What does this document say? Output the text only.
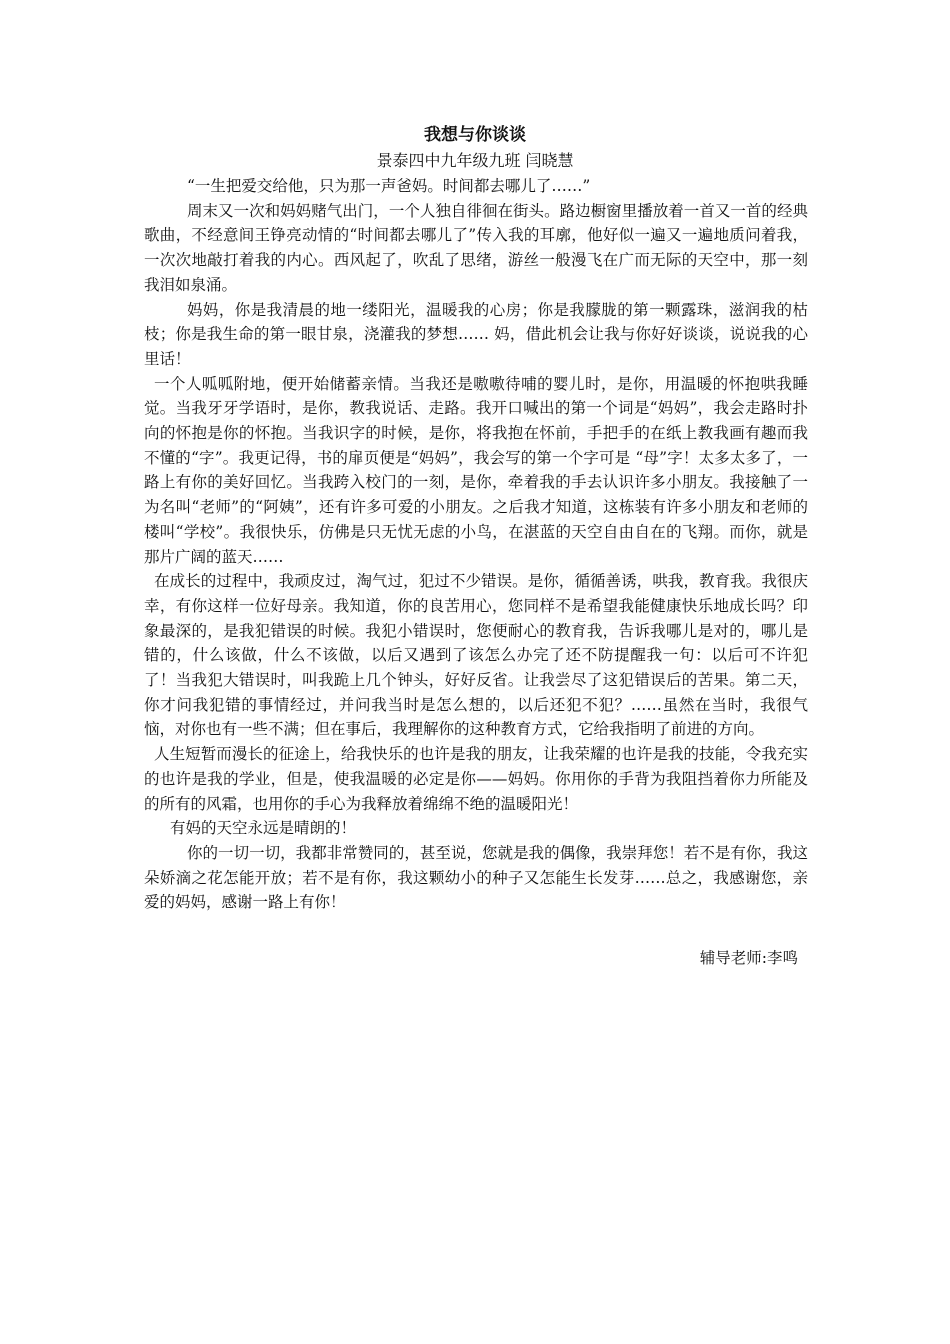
我想与你谈谈
景泰四中九年级九班 闫晓慧

“一生把爱交给他，只为那一声爸妈。时间都去哪儿了……”

周末又一次和妈妈赌气出门，一个人独自徘徊在街头。路边橱窗里播放着一首又一首的经典歌曲，不经意间王铮亮动情的“时间都去哪儿了”传入我的耳廓，他好似一遍又一遍地质问着我，一次次地敲打着我的内心。西风起了，吹乱了思绪，游丝一般漫飞在广而无际的天空中，那一刻我泪如泉涌。

妈妈，你是我清晨的地一缕阳光，温暖我的心房；你是我朦胧的第一颗露珠，滋润我的枯枝；你是我生命的第一眼甘泉，浇灌我的梦想…… 妈，借此机会让我与你好好谈谈，说说我的心里话！

一个人呱呱附地，便开始储蓄亲情。当我还是嗷嗷待哺的婴儿时，是你，用温暖的怀抱哄我睡觉。当我牙牙学语时，是你，教我说话、走路。我开口喊出的第一个词是“妈妈”，我会走路时扑向的怀抱是你的怀抱。当我识字的时候，是你，将我抱在怀前，手把手的在纸上教我画有趣而我不懂的“字”。我更记得，书的扉页便是“妈妈”，我会写的第一个字可是 “母”字！太多太多了，一路上有你的美好回忆。当我跨入校门的一刻，是你，牵着我的手去认识许多小朋友。我接触了一为名叫“老师”的“阿姨”，还有许多可爱的小朋友。之后我才知道，这栋装有许多小朋友和老师的楼叫“学校”。我很快乐，仿佛是只无忧无虑的小鸟，在湛蓝的天空自由自在的飞翔。而你，就是那片广阔的蓝天……

在成长的过程中，我顽皮过，淘气过，犯过不少错误。是你，循循善诱，哄我，教育我。我很庆幸，有你这样一位好母亲。我知道，你的良苦用心，您同样不是希望我能健康快乐地成长吗？印象最深的，是我犯错误的时候。我犯小错误时，您便耐心的教育我，告诉我哪儿是对的，哪儿是错的，什么该做，什么不该做，以后又遇到了该怎么办完了还不防提醒我一句：以后可不许犯了！当我犯大错误时，叫我跪上几个钟头，好好反省。让我尝尽了这犯错误后的苦果。第二天，你才问我犯错的事情经过，并问我当时是怎么想的，以后还犯不犯？……虽然在当时，我很气恼，对你也有一些不满；但在事后，我理解你的这种教育方式，它给我指明了前进的方向。

人生短暂而漫长的征途上，给我快乐的也许是我的朋友，让我荣耀的也许是我的技能，令我充实的也许是我的学业，但是，使我温暖的必定是你——妈妈。你用你的手背为我阻挡着你力所能及的所有的风霜，也用你的手心为我释放着绵绵不绝的温暖阳光！

有妈的天空永远是晴朗的！

你的一切一切，我都非常赞同的，甚至说，您就是我的偶像，我崇拜您！若不是有你，我这朵娇滴之花怎能开放；若不是有你，我这颗幼小的种子又怎能生长发芽……总之，我感谢您，亲爱的妈妈，感谢一路上有你！

辅导老师:李鸣
